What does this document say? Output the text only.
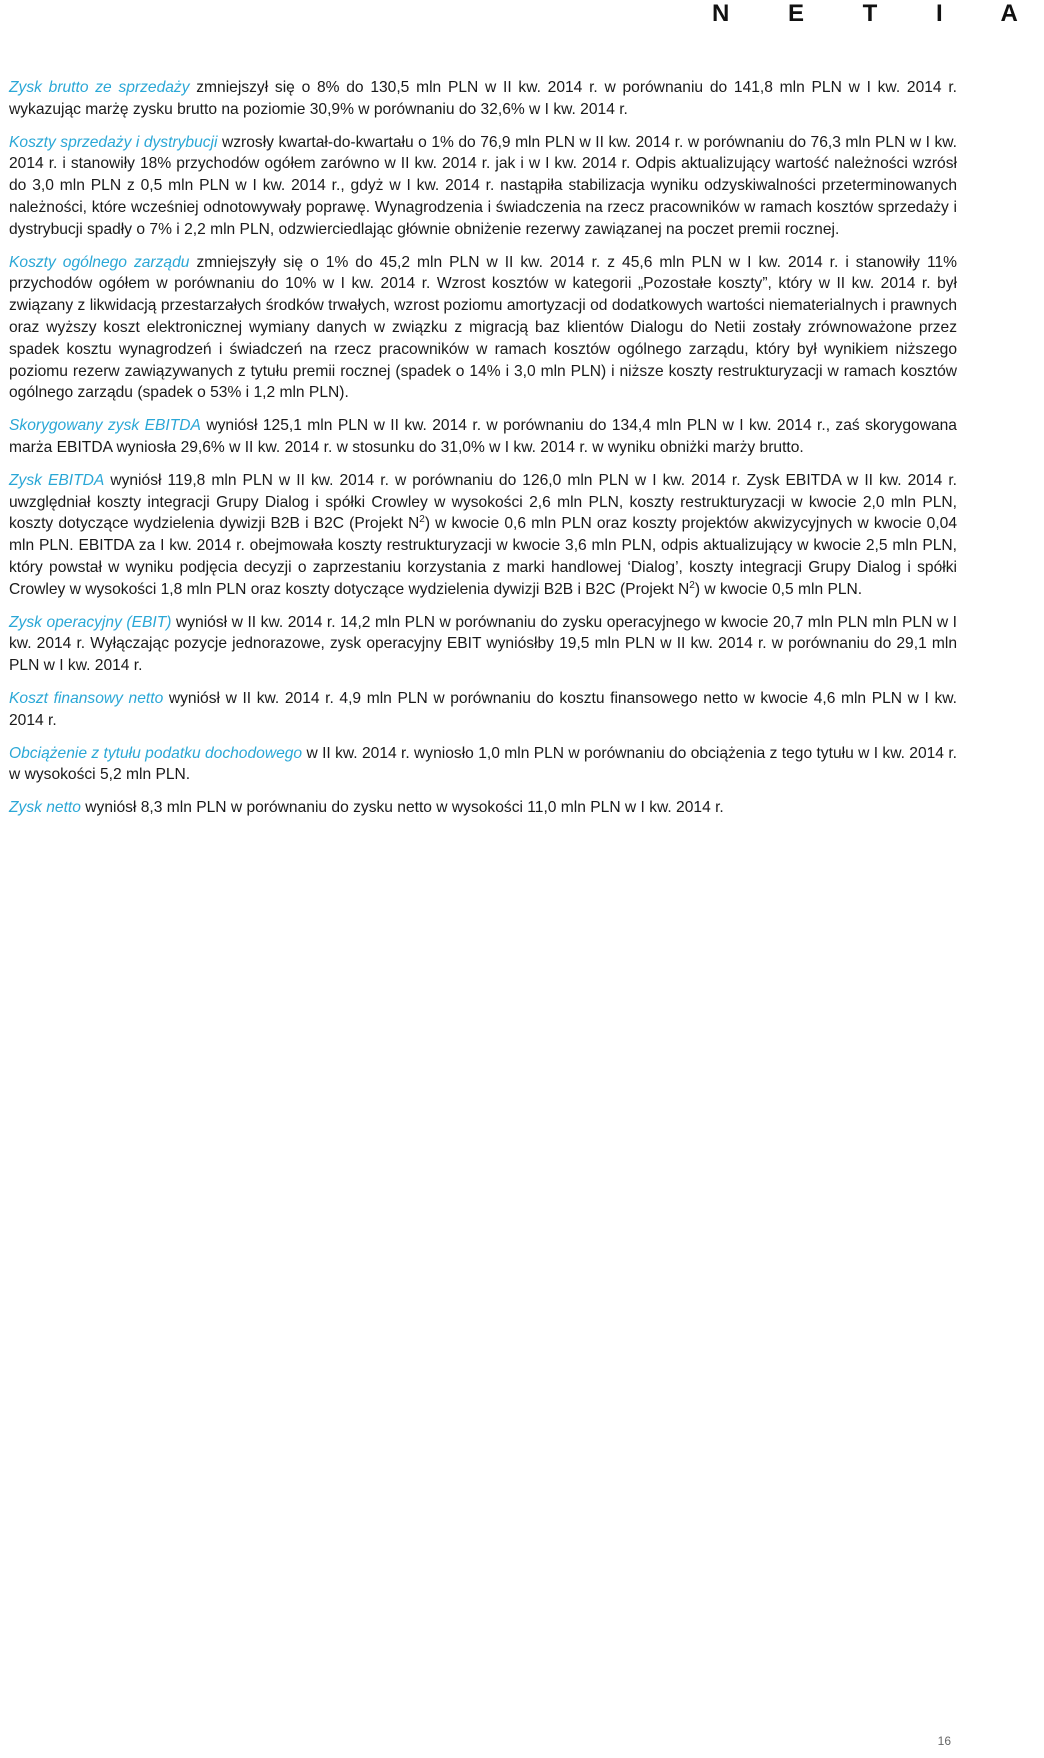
N E T I A

Zysk brutto ze sprzedaży zmniejszył się o 8% do 130,5 mln PLN w II kw. 2014 r. w porównaniu do 141,8 mln PLN w I kw. 2014 r. wykazując marżę zysku brutto na poziomie 30,9% w porównaniu do 32,6% w I kw. 2014 r.

Koszty sprzedaży i dystrybucji wzrosły kwartał-do-kwartału o 1% do 76,9 mln PLN w II kw. 2014 r. w porównaniu do 76,3 mln PLN w I kw. 2014 r. i stanowiły 18% przychodów ogółem zarówno w II kw. 2014 r. jak i w I kw. 2014 r. Odpis aktualizujący wartość należności wzrósł do 3,0 mln PLN z 0,5 mln PLN w I kw. 2014 r., gdyż w I kw. 2014 r. nastąpiła stabilizacja wyniku odzyskiwalności przeterminowanych należności, które wcześniej odnotowywały poprawę. Wynagrodzenia i świadczenia na rzecz pracowników w ramach kosztów sprzedaży i dystrybucji spadły o 7% i 2,2 mln PLN, odzwierciedlając głównie obniżenie rezerwy zawiązanej na poczet premii rocznej.

Koszty ogólnego zarządu zmniejszyły się o 1% do 45,2 mln PLN w II kw. 2014 r. z 45,6 mln PLN w I kw. 2014 r. i stanowiły 11% przychodów ogółem w porównaniu do 10% w I kw. 2014 r. Wzrost kosztów w kategorii „Pozostałe koszty”, który w II kw. 2014 r. był związany z likwidacją przestarzałych środków trwałych, wzrost poziomu amortyzacji od dodatkowych wartości niematerialnych i prawnych oraz wyższy koszt elektronicznej wymiany danych w związku z migracją baz klientów Dialogu do Netii zostały zrównoważone przez spadek kosztu wynagrodzeń i świadczeń na rzecz pracowników w ramach kosztów ogólnego zarządu, który był wynikiem niższego poziomu rezerw zawiązywanych z tytułu premii rocznej (spadek o 14% i 3,0 mln PLN) i niższe koszty restrukturyzacji w ramach kosztów ogólnego zarządu (spadek o 53% i 1,2 mln PLN).

Skorygowany zysk EBITDA wyniósł 125,1 mln PLN w II kw. 2014 r. w porównaniu do 134,4 mln PLN w I kw. 2014 r., zaś skorygowana marża EBITDA wyniosła 29,6% w II kw. 2014 r. w stosunku do 31,0% w I kw. 2014 r. w wyniku obniżki marży brutto.

Zysk EBITDA wyniósł 119,8 mln PLN w II kw. 2014 r. w porównaniu do 126,0 mln PLN w I kw. 2014 r. Zysk EBITDA w II kw. 2014 r. uwzględniał koszty integracji Grupy Dialog i spółki Crowley w wysokości 2,6 mln PLN, koszty restrukturyzacji w kwocie 2,0 mln PLN, koszty dotyczące wydzielenia dywizji B2B i B2C (Projekt $N^2$) w kwocie 0,6 mln PLN oraz koszty projektów akwizycyjnych w kwocie 0,04 mln PLN. EBITDA za I kw. 2014 r. obejmowała koszty restrukturyzacji w kwocie 3,6 mln PLN, odpis aktualizujący w kwocie 2,5 mln PLN, który powstał w wyniku podjęcia decyzji o zaprzestaniu korzystania z marki handlowej ‘Dialog’, koszty integracji Grupy Dialog i spółki Crowley w wysokości 1,8 mln PLN oraz koszty dotyczące wydzielenia dywizji B2B i B2C (Projekt $N^2$) w kwocie 0,5 mln PLN.

Zysk operacyjny (EBIT) wyniósł w II kw. 2014 r. 14,2 mln PLN w porównaniu do zysku operacyjnego w kwocie 20,7 mln PLN mln PLN w I kw. 2014 r. Wyłączając pozycje jednorazowe, zysk operacyjny EBIT wyniósłby 19,5 mln PLN w II kw. 2014 r. w porównaniu do 29,1 mln PLN w I kw. 2014 r.

Koszt finansowy netto wyniósł w II kw. 2014 r. 4,9 mln PLN w porównaniu do kosztu finansowego netto w kwocie 4,6 mln PLN w I kw. 2014 r.

Obciążenie z tytułu podatku dochodowego w II kw. 2014 r. wyniosło 1,0 mln PLN w porównaniu do obciążenia z tego tytułu w I kw. 2014 r. w wysokości 5,2 mln PLN.

Zysk netto wyniósł 8,3 mln PLN w porównaniu do zysku netto w wysokości 11,0 mln PLN w I kw. 2014 r.

16
